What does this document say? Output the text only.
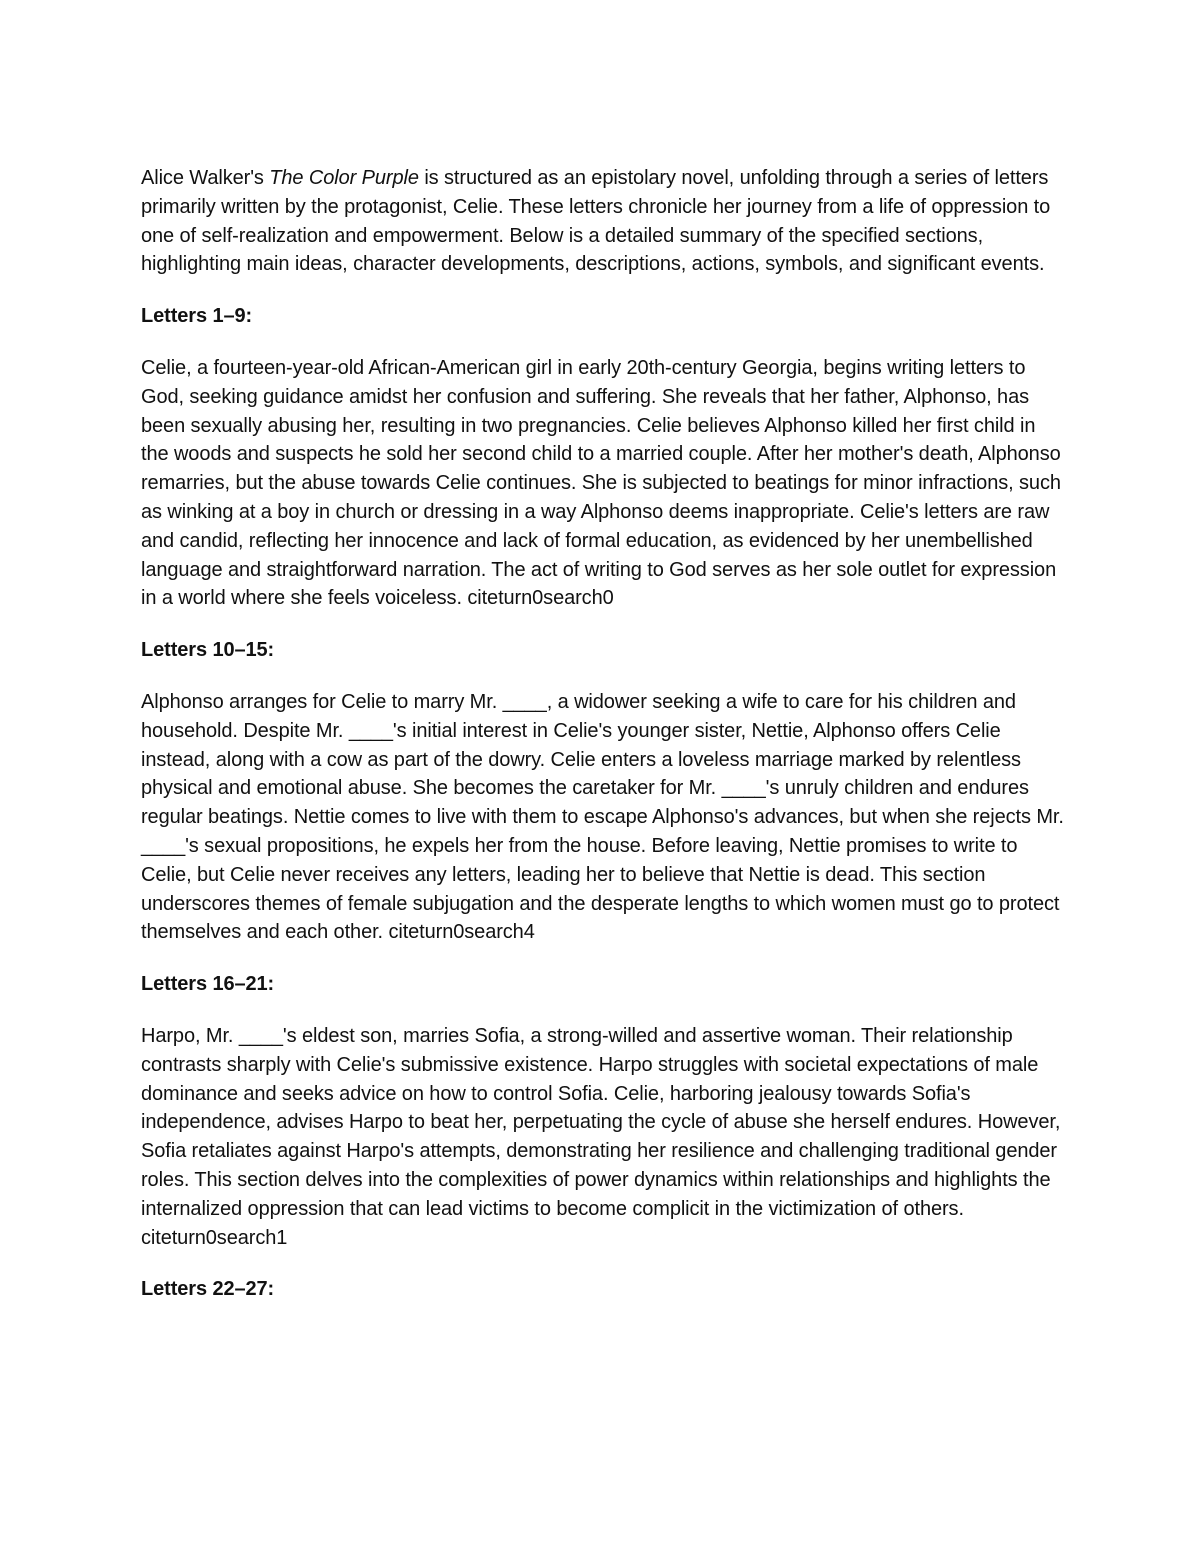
Alice Walker's The Color Purple is structured as an epistolary novel, unfolding through a series of letters primarily written by the protagonist, Celie. These letters chronicle her journey from a life of oppression to one of self-realization and empowerment. Below is a detailed summary of the specified sections, highlighting main ideas, character developments, descriptions, actions, symbols, and significant events.

Letters 1–9:

Celie, a fourteen-year-old African-American girl in early 20th-century Georgia, begins writing letters to God, seeking guidance amidst her confusion and suffering. She reveals that her father, Alphonso, has been sexually abusing her, resulting in two pregnancies. Celie believes Alphonso killed her first child in the woods and suspects he sold her second child to a married couple. After her mother's death, Alphonso remarries, but the abuse towards Celie continues. She is subjected to beatings for minor infractions, such as winking at a boy in church or dressing in a way Alphonso deems inappropriate. Celie's letters are raw and candid, reflecting her innocence and lack of formal education, as evidenced by her unembellished language and straightforward narration. The act of writing to God serves as her sole outlet for expression in a world where she feels voiceless. citeturn0search0

Letters 10–15:

Alphonso arranges for Celie to marry Mr. ____, a widower seeking a wife to care for his children and household. Despite Mr. ____'s initial interest in Celie's younger sister, Nettie, Alphonso offers Celie instead, along with a cow as part of the dowry. Celie enters a loveless marriage marked by relentless physical and emotional abuse. She becomes the caretaker for Mr. ____'s unruly children and endures regular beatings. Nettie comes to live with them to escape Alphonso's advances, but when she rejects Mr. ____'s sexual propositions, he expels her from the house. Before leaving, Nettie promises to write to Celie, but Celie never receives any letters, leading her to believe that Nettie is dead. This section underscores themes of female subjugation and the desperate lengths to which women must go to protect themselves and each other. citeturn0search4

Letters 16–21:

Harpo, Mr. ____'s eldest son, marries Sofia, a strong-willed and assertive woman. Their relationship contrasts sharply with Celie's submissive existence. Harpo struggles with societal expectations of male dominance and seeks advice on how to control Sofia. Celie, harboring jealousy towards Sofia's independence, advises Harpo to beat her, perpetuating the cycle of abuse she herself endures. However, Sofia retaliates against Harpo's attempts, demonstrating her resilience and challenging traditional gender roles. This section delves into the complexities of power dynamics within relationships and highlights the internalized oppression that can lead victims to become complicit in the victimization of others. citeturn0search1

Letters 22–27:
